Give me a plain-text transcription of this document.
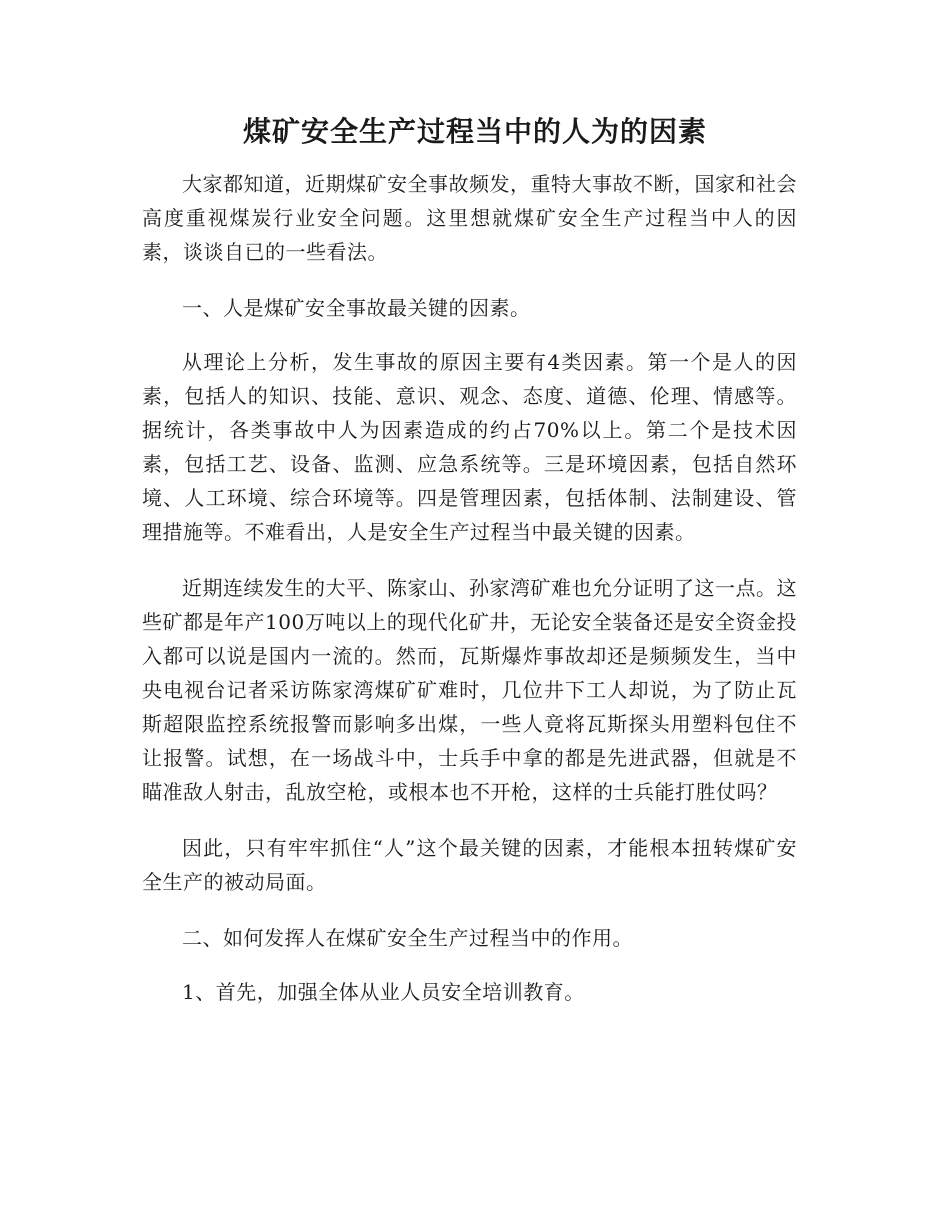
煤矿安全生产过程当中的人为的因素

大家都知道，近期煤矿安全事故频发，重特大事故不断，国家和社会高度重视煤炭行业安全问题。这里想就煤矿安全生产过程当中人的因素，谈谈自已的一些看法。

一、人是煤矿安全事故最关键的因素。

从理论上分析，发生事故的原因主要有4类因素。第一个是人的因素，包括人的知识、技能、意识、观念、态度、道德、伦理、情感等。据统计，各类事故中人为因素造成的约占70%以上。第二个是技术因素，包括工艺、设备、监测、应急系统等。三是环境因素，包括自然环境、人工环境、综合环境等。四是管理因素，包括体制、法制建设、管理措施等。不难看出，人是安全生产过程当中最关键的因素。

近期连续发生的大平、陈家山、孙家湾矿难也允分证明了这一点。这些矿都是年产100万吨以上的现代化矿井，无论安全装备还是安全资金投入都可以说是国内一流的。然而，瓦斯爆炸事故却还是频频发生，当中央电视台记者采访陈家湾煤矿矿难时，几位井下工人却说，为了防止瓦斯超限监控系统报警而影响多出煤，一些人竟将瓦斯探头用塑料包住不让报警。试想，在一场战斗中，士兵手中拿的都是先进武器，但就是不瞄准敌人射击，乱放空枪，或根本也不开枪，这样的士兵能打胜仗吗？

因此，只有牢牢抓住“人”这个最关键的因素，才能根本扭转煤矿安全生产的被动局面。

二、如何发挥人在煤矿安全生产过程当中的作用。

1、首先，加强全体从业人员安全培训教育。
